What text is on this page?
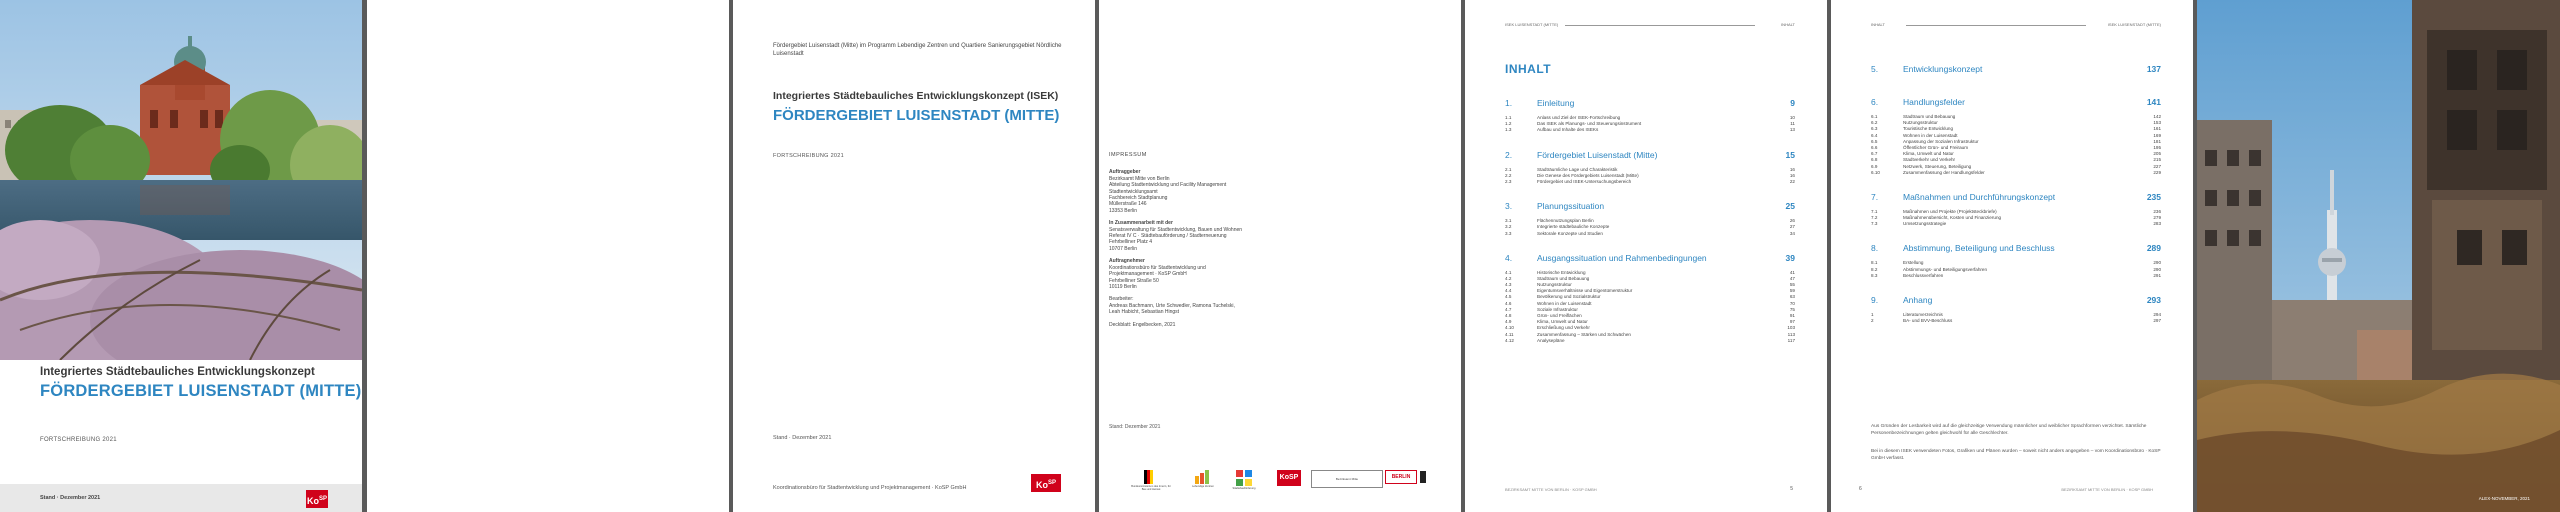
Integriertes Städtebauliches Entwicklungskonzept
FÖRDERGEBIET LUISENSTADT (MITTE)
FORTSCHREIBUNG 2021
Stand · Dezember 2021	$Ko^{SP}$
Fördergebiet Luisenstadt (Mitte) im Programm Lebendige Zentren und Quartiere Sanierungsgebiet Nördliche Luisenstadt
Integriertes Städtebauliches Entwicklungskonzept (ISEK)
FÖRDERGEBIET LUISENSTADT (MITTE)
FORTSCHREIBUNG 2021
Stand · Dezember 2021
Koordinationsbüro für Stadtentwicklung und Projektmanagement · KoSP GmbH	$Ko^{SP}$
IMPRESSUM
Auftraggeber
Bezirksamt Mitte von Berlin
Abteilung Stadtentwicklung und Facility Management
Stadtentwicklungsamt
Fachbereich Stadtplanung
Müllerstraße 146
13353 Berlin
In Zusammenarbeit mit der
Senatsverwaltung für Stadtentwicklung, Bauen und Wohnen
Referat IV C · Städtebauförderung / Stadterneuerung
Fehrbelliner Platz 4
10707 Berlin
Auftragnehmer
Koordinationsbüro für Stadtentwicklung und
Projektmanagement · KoSP GmbH
Fehrbelliner Straße 50
10119 Berlin
Bearbeiter:
Andreas Bachmann, Urte Schwedler, Ramona Tuchelski,
Leah Habicht, Sebastian Hingst
Deckblatt: Engelbecken, 2021
Stand: Dezember 2021
Bundesministerium des Innern, für Bau und Heimat
Lebendige Zentren
Städtebauförderung
KoSP	Bezirksamt Mitte	BERLIN
ISEK LUISENSTADT (MITTE)	INHALT
INHALT
1.	Einleitung	9
1.1	Anlass und Ziel der ISEK-Fortschreibung	10
1.2	Das ISEK als Planungs- und Steuerungsinstrument	11
1.3	Aufbau und Inhalte des ISEKs	13
2.	Fördergebiet Luisenstadt (Mitte)	15
2.1	Stadträumliche Lage und Charakteristik	16
2.2	Die Genese des Fördergebiets Luisenstadt (Mitte)	16
2.3	Fördergebiet und ISEK-Untersuchungsbereich	22
3.	Planungssituation	25
3.1	Flächennutzungsplan Berlin	26
3.2	Integrierte städtebauliche Konzepte	27
3.3	Sektorale Konzepte und Studien	34
4.	Ausgangssituation und Rahmenbedingungen	39
4.1	Historische Entwicklung	41
4.2	Stadtraum und Bebauung	47
4.3	Nutzungsstruktur	55
4.4	Eigentumsverhältnisse und Eigentümerstruktur	59
4.5	Bevölkerung und Sozialstruktur	63
4.6	Wohnen in der Luisenstadt	70
4.7	Soziale Infrastruktur	75
4.8	Grün- und Freiflächen	91
4.9	Klima, Umwelt und Natur	97
4.10	Erschließung und Verkehr	103
4.11	Zusammenfassung – Stärken und Schwächen	113
4.12	Analysepläne	117
BEZIRKSAMT MITTE VON BERLIN · KOSP GMBH	5
INHALT	ISEK LUISENSTADT (MITTE)
5.	Entwicklungskonzept	137
6.	Handlungsfelder	141
6.1	Stadtraum und Bebauung	142
6.2	Nutzungsstruktur	153
6.3	Touristische Entwicklung	161
6.4	Wohnen in der Luisenstadt	169
6.5	Anpassung der Sozialen Infrastruktur	181
6.6	Öffentlicher Grün- und Freiraum	195
6.7	Klima, Umwelt und Natur	205
6.8	Stadtverkehr und Verkehr	215
6.9	Netzwerk, Steuerung, Beteiligung	227
6.10	Zusammenfassung der Handlungsfelder	229
7.	Maßnahmen und Durchführungskonzept	235
7.1	Maßnahmen und Projekte (Projektsteckbriefe)	236
7.2	Maßnahmenübersicht, Kosten und Finanzierung	279
7.3	Umsetzungsstrategie	283
8.	Abstimmung, Beteiligung und Beschluss	289
8.1	Erstellung	290
8.2	Abstimmungs- und Beteiligungsverfahren	290
8.3	Beschlussverfahren	291
9.	Anhang	293
1	Literaturverzeichnis	294
2	BA- und BVV-Beschluss	297
Aus Gründen der Lesbarkeit wird auf die gleichzeitige Verwendung männlicher und weiblicher Sprachformen verzichtet. Sämtliche Personenbezeichnungen gelten gleichwohl für alle Geschlechter.
Bei in diesem ISEK verwendeten Fotos, Grafiken und Plänen wurden – soweit nicht anders angegeben – vom Koordinationsbüro · KoSP GmbH verfasst.
6	BEZIRKSAMT MITTE VON BERLIN · KOSP GMBH
ALEX-NOVEMBER, 2021
